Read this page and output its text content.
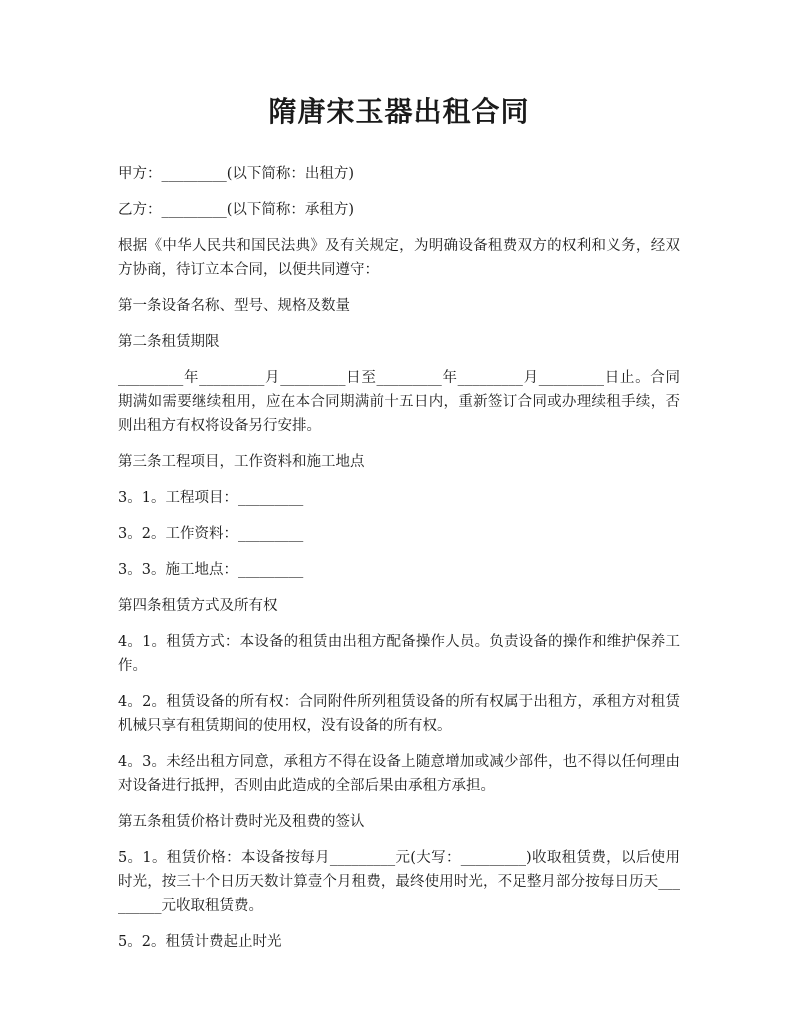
隋唐宋玉器出租合同

甲方：_________(以下简称：出租方)

乙方：_________(以下简称：承租方)

根据《中华人民共和国民法典》及有关规定，为明确设备租费双方的权利和义务，经双方协商，待订立本合同，以便共同遵守：

第一条设备名称、型号、规格及数量

第二条租赁期限

_________年_________月_________日至_________年_________月_________日止。合同期满如需要继续租用，应在本合同期满前十五日内，重新签订合同或办理续租手续，否则出租方有权将设备另行安排。

第三条工程项目，工作资料和施工地点

3。1。工程项目：_________

3。2。工作资料：_________

3。3。施工地点：_________

第四条租赁方式及所有权

4。1。租赁方式：本设备的租赁由出租方配备操作人员。负责设备的操作和维护保养工作。

4。2。租赁设备的所有权：合同附件所列租赁设备的所有权属于出租方，承租方对租赁机械只享有租赁期间的使用权，没有设备的所有权。

4。3。未经出租方同意，承租方不得在设备上随意增加或减少部件，也不得以任何理由对设备进行抵押，否则由此造成的全部后果由承租方承担。

第五条租赁价格计费时光及租费的签认

5。1。租赁价格：本设备按每月_________元(大写：_________)收取租赁费，以后使用时光，按三十个日历天数计算壹个月租费，最终使用时光，不足整月部分按每日历天_________元收取租赁费。

5。2。租赁计费起止时光
